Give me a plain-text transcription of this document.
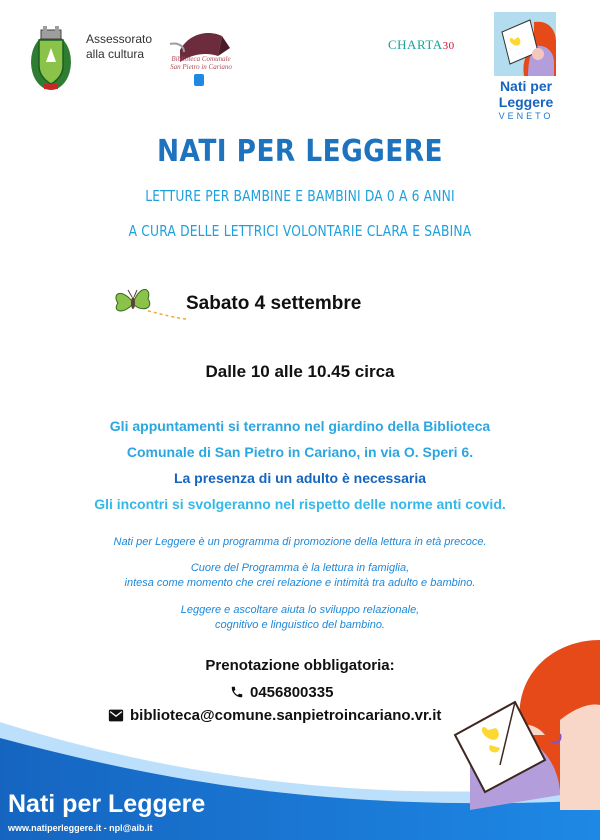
Assessorato
alla cultura	Biblioteca Comunale
San Pietro in Cariano
CHARTA30
Nati per
Leggere
VENETO
NATI PER LEGGERE
LETTURE PER BAMBINE E BAMBINI DA 0 A 6 ANNI
A CURA DELLE LETTRICI VOLONTARIE CLARA E SABINA
Sabato 4 settembre
Dalle 10 alle 10.45 circa
Gli appuntamenti si terranno nel giardino della Biblioteca
Comunale di San Pietro in Cariano, in via O. Speri 6.
La presenza di un adulto è necessaria
Gli incontri si svolgeranno nel rispetto delle norme anti covid.
Nati per Leggere è un programma di promozione della lettura in età precoce.
Cuore del Programma è la lettura in famiglia,
intesa come momento che crei relazione e intimità tra adulto e bambino.
Leggere e ascoltare aiuta lo sviluppo relazionale,
cognitivo e linguistico del bambino.
Prenotazione obbligatoria:
0456800335
biblioteca@comune.sanpietroincariano.vr.it
Nati per Leggere
www.natiperleggere.it - npl@aib.it
